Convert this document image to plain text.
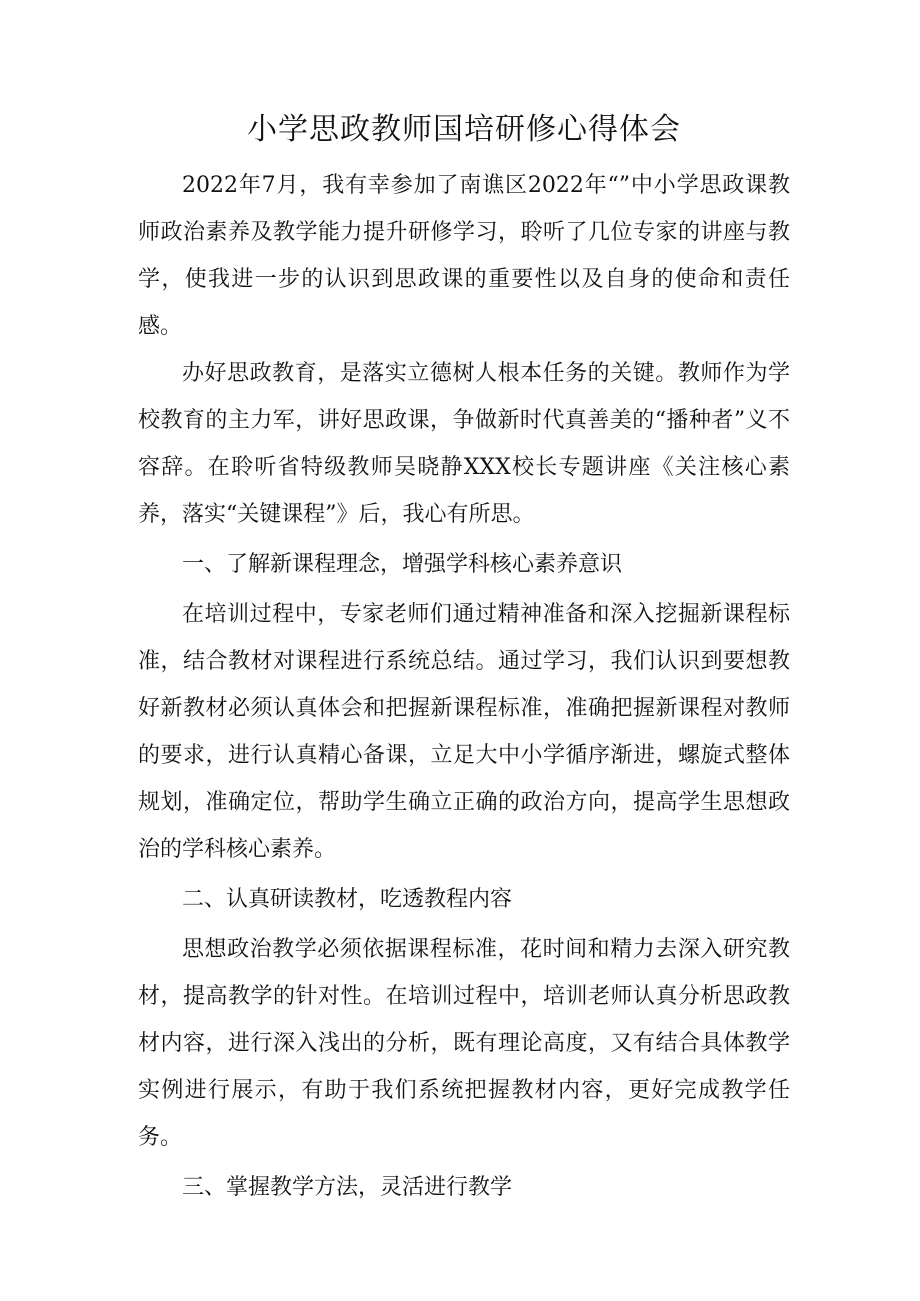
小学思政教师国培研修心得体会

2022年7月，我有幸参加了南谯区2022年“”中小学思政课教师政治素养及教学能力提升研修学习，聆听了几位专家的讲座与教学，使我进一步的认识到思政课的重要性以及自身的使命和责任感。

办好思政教育，是落实立德树人根本任务的关键。教师作为学校教育的主力军，讲好思政课，争做新时代真善美的“播种者”义不容辞。在聆听省特级教师吴晓静XXX校长专题讲座《关注核心素养，落实“关键课程”》后，我心有所思。

一、了解新课程理念，增强学科核心素养意识

在培训过程中，专家老师们通过精神准备和深入挖掘新课程标准，结合教材对课程进行系统总结。通过学习，我们认识到要想教好新教材必须认真体会和把握新课程标准，准确把握新课程对教师的要求，进行认真精心备课，立足大中小学循序渐进，螺旋式整体规划，准确定位，帮助学生确立正确的政治方向，提高学生思想政治的学科核心素养。

二、认真研读教材，吃透教程内容

思想政治教学必须依据课程标准，花时间和精力去深入研究教材，提高教学的针对性。在培训过程中，培训老师认真分析思政教材内容，进行深入浅出的分析，既有理论高度，又有结合具体教学实例进行展示，有助于我们系统把握教材内容，更好完成教学任务。

三、掌握教学方法，灵活进行教学
